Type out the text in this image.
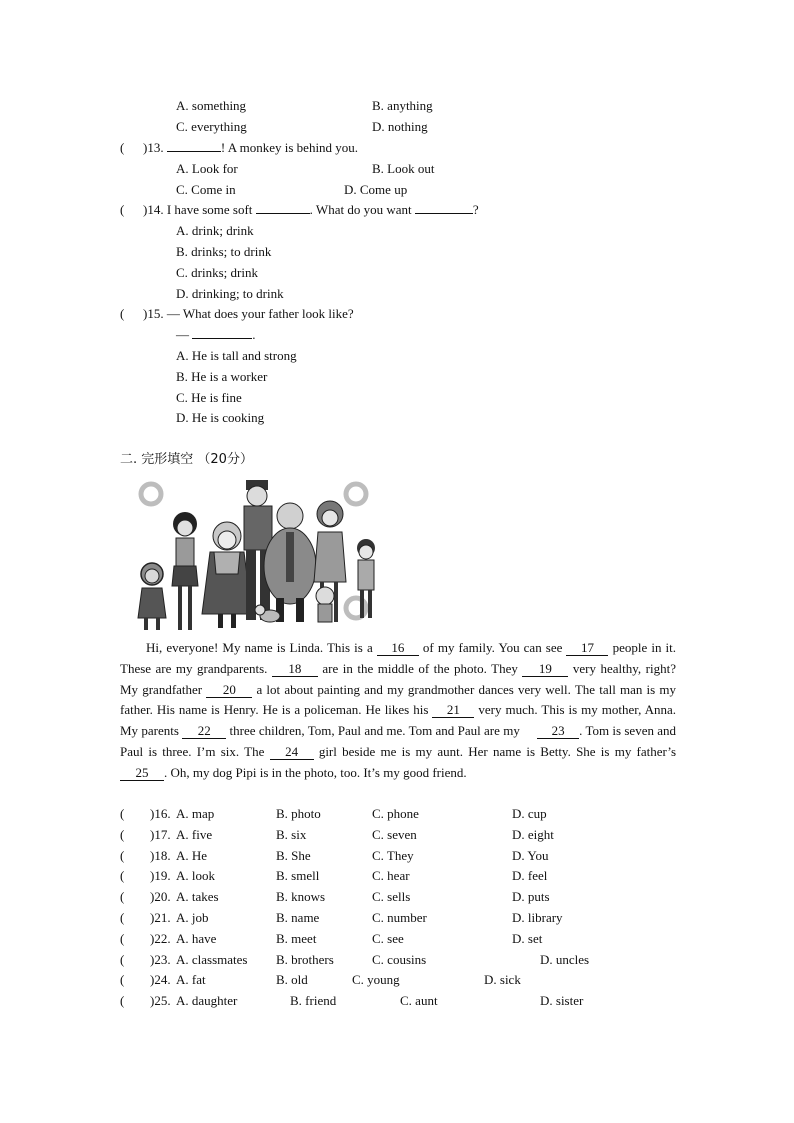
A. something	B. anything
C. everything	D. nothing
( )13.	! A monkey is behind you.
A. Look for	B. Look out
C. Come in	D. Come up
( )14. I have some soft	. What do you want	?
A. drink; drink
B. drinks; to drink
C. drinks; drink
D. drinking; to drink
( )15. — What does your father look like?
—	.
A. He is tall and strong
B. He is a worker
C. He is fine
D. He is cooking
二. 完形填空 （20分）
Hi, everyone! My name is Linda. This is a 16 of my family. You can see 17 people in it. These are my grandparents. 18 are in the middle of the photo. They 19 very healthy, right? My grandfather 20 a lot about painting and my grandmother dances very well. The tall man is my father. His name is Henry. He is a policeman. He likes his 21 very much. This is my mother, Anna. My parents 22 three children, Tom, Paul and me. Tom and Paul are my 23 . Tom is seven and Paul is three. I’m six. The 24 girl beside me is my aunt. Her name is Betty. She is my father’s 25 . Oh, my dog Pipi is in the photo, too. It’s my good friend.
( )16. A. map	B. photo	C. phone	D. cup
( )17. A. five	B. six	C. seven	D. eight
( )18. A. He	B. She	C. They	D. You
( )19. A. look	B. smell	C. hear	D. feel
( )20. A. takes	B. knows	C. sells	D. puts
( )21. A. job	B. name	C. number	D. library
( )22. A. have	B. meet	C. see	D. set
( )23. A. classmates B. brothers	C. cousins	D. uncles
( )24. A. fat	B. old	C. young	D. sick
( )25. A. daughter	B. friend	C. aunt	D. sister
